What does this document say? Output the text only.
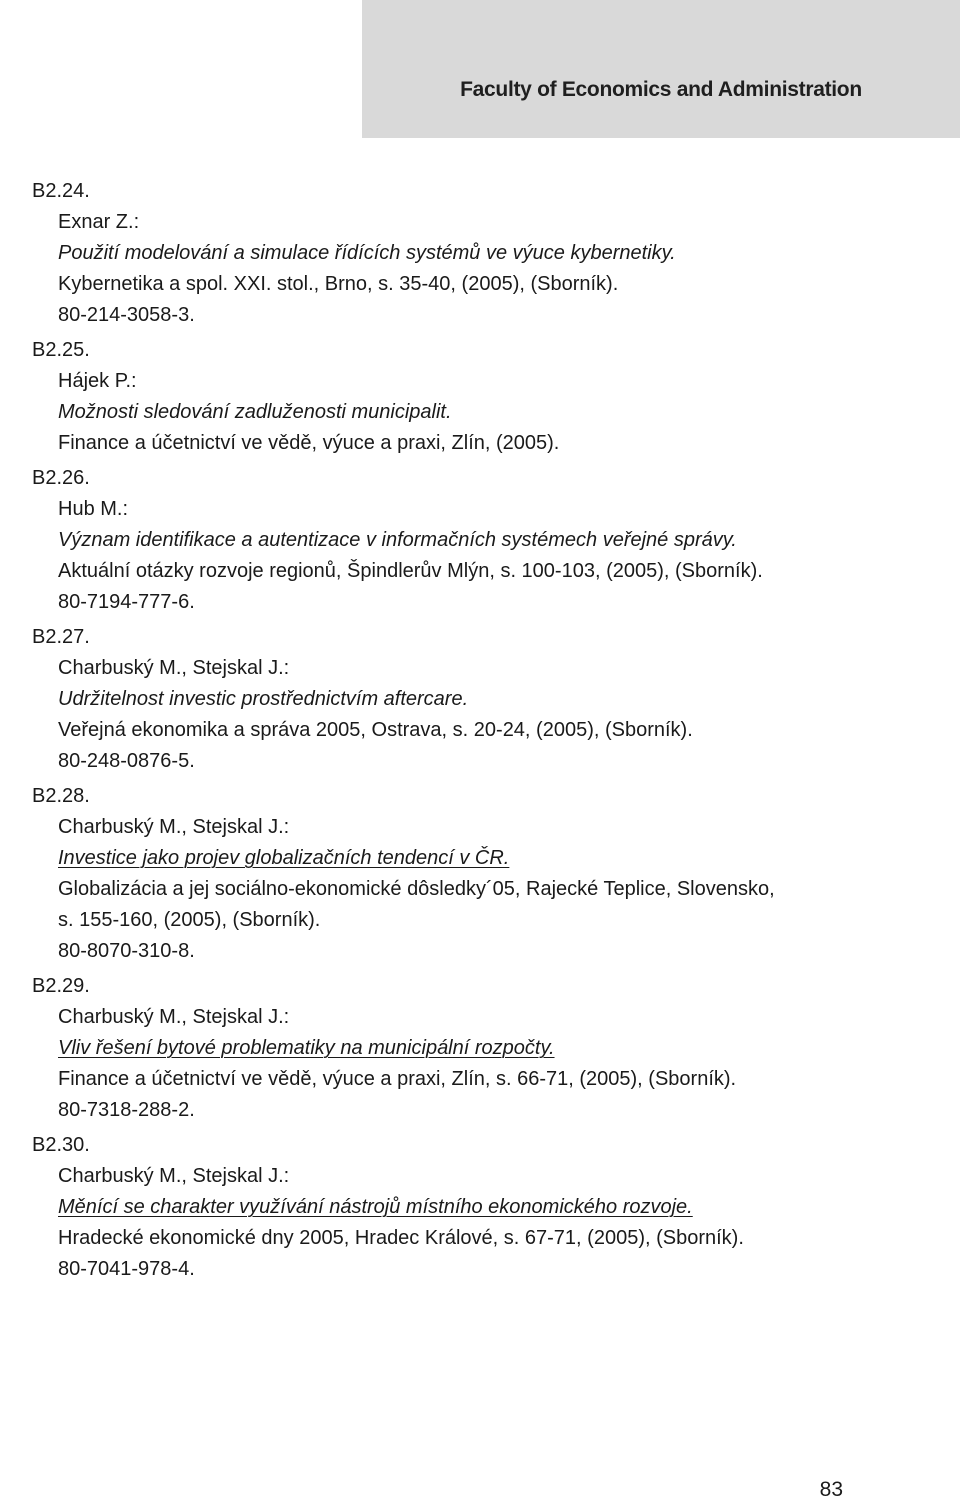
Faculty of Economics and Administration
B2.24.
Exnar Z.:
Použití modelování a simulace řídících systémů ve výuce kybernetiky.
Kybernetika a spol. XXI. stol., Brno, s. 35-40, (2005), (Sborník).
80-214-3058-3.
B2.25.
Hájek P.:
Možnosti sledování zadluženosti municipalit.
Finance a účetnictví ve vědě, výuce a praxi, Zlín, (2005).
B2.26.
Hub M.:
Význam identifikace a autentizace v informačních systémech veřejné správy.
Aktuální otázky rozvoje regionů, Špindlerův Mlýn, s. 100-103, (2005), (Sborník).
80-7194-777-6.
B2.27.
Charbuský M., Stejskal J.:
Udržitelnost investic prostřednictvím aftercare.
Veřejná ekonomika a správa 2005, Ostrava, s. 20-24, (2005), (Sborník).
80-248-0876-5.
B2.28.
Charbuský M., Stejskal J.:
Investice jako projev globalizačních tendencí v ČR.
Globalizácia a jej sociálno-ekonomické dôsledky´05, Rajecké Teplice, Slovensko,
s. 155-160, (2005), (Sborník).
80-8070-310-8.
B2.29.
Charbuský M., Stejskal J.:
Vliv řešení bytové problematiky na municipální rozpočty.
Finance a účetnictví ve vědě, výuce a praxi, Zlín, s. 66-71, (2005), (Sborník).
80-7318-288-2.
B2.30.
Charbuský M., Stejskal J.:
Měnící se charakter využívání nástrojů místního ekonomického rozvoje.
Hradecké ekonomické dny 2005, Hradec Králové, s. 67-71, (2005), (Sborník).
80-7041-978-4.
83
